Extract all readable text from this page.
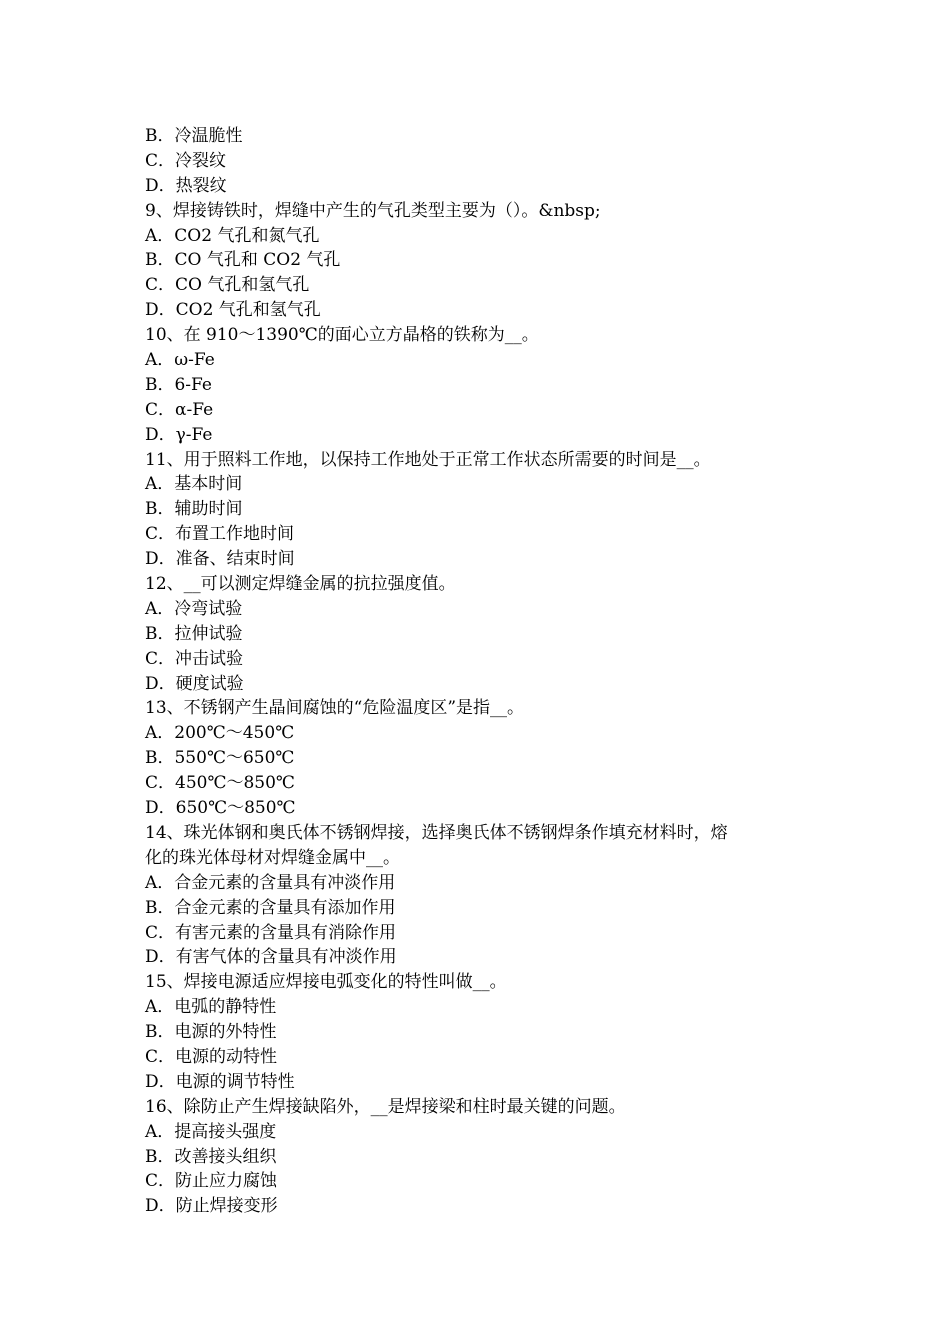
B．冷温脆性
C．冷裂纹
D．热裂纹
9、焊接铸铁时，焊缝中产生的气孔类型主要为（）。&nbsp;
A．CO2 气孔和氮气孔
B．CO 气孔和 CO2 气孔
C．CO 气孔和氢气孔
D．CO2 气孔和氢气孔
10、在 910～1390℃的面心立方晶格的铁称为__。
A．ω-Fe
B．6-Fe
C．α-Fe
D．γ-Fe
11、用于照料工作地，以保持工作地处于正常工作状态所需要的时间是__。
A．基本时间
B．辅助时间
C．布置工作地时间
D．准备、结束时间
12、__可以测定焊缝金属的抗拉强度值。
A．冷弯试验
B．拉伸试验
C．冲击试验
D．硬度试验
13、不锈钢产生晶间腐蚀的“危险温度区”是指__。
A．200℃～450℃
B．550℃～650℃
C．450℃～850℃
D．650℃～850℃
14、珠光体钢和奥氏体不锈钢焊接，选择奥氏体不锈钢焊条作填充材料时，熔
化的珠光体母材对焊缝金属中__。
A．合金元素的含量具有冲淡作用
B．合金元素的含量具有添加作用
C．有害元素的含量具有消除作用
D．有害气体的含量具有冲淡作用
15、焊接电源适应焊接电弧变化的特性叫做__。
A．电弧的静特性
B．电源的外特性
C．电源的动特性
D．电源的调节特性
16、除防止产生焊接缺陷外，__是焊接梁和柱时最关键的问题。
A．提高接头强度
B．改善接头组织
C．防止应力腐蚀
D．防止焊接变形
